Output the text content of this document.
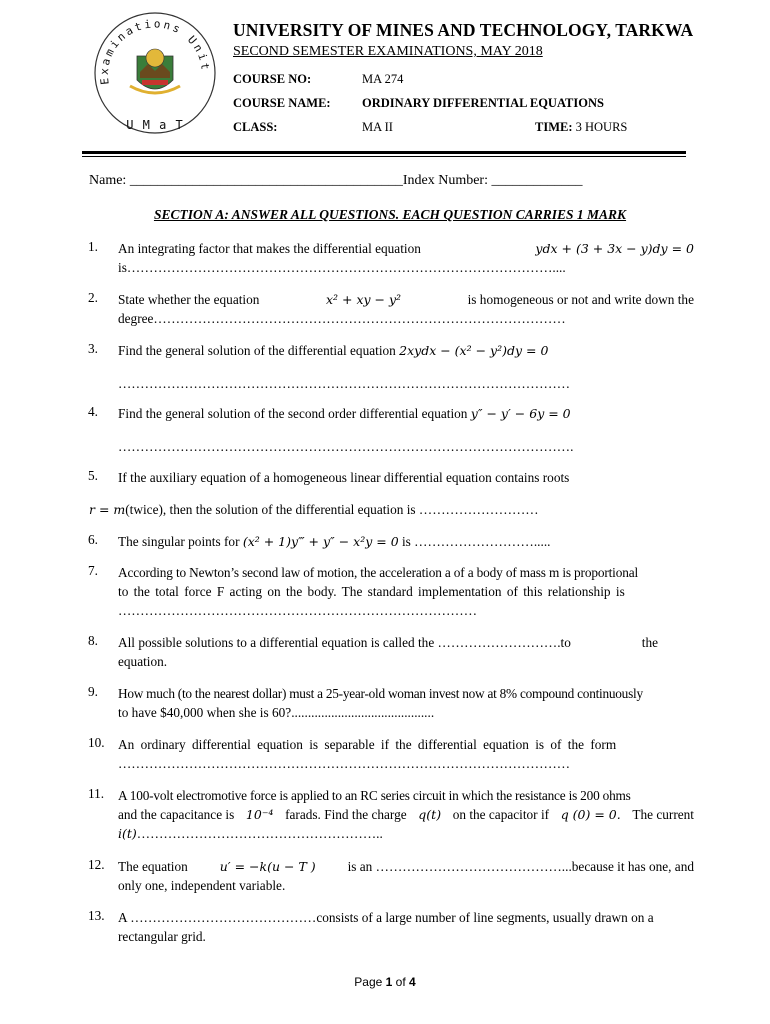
Examinations Unit
U M a T
UNIVERSITY OF MINES AND TECHNOLOGY, TARKWA
SECOND SEMESTER EXAMINATIONS, MAY 2018
COURSE NO:	MA 274
COURSE NAME:	ORDINARY DIFFERENTIAL EQUATIONS
CLASS:	MA II	TIME: 3 HOURS
Name: _______________________________________Index Number: _____________
SECTION A: ANSWER ALL QUESTIONS. EACH QUESTION CARRIES 1 MARK
1. An integrating factor that makes the differential equation	ydx + (3 + 3x − y)dy = 0
is……………………………………………………………………………………....
2. State whether the equation	x² + xy − y²	is homogeneous or not and write down the
degree…………………………………………………………………………………
3. Find the general solution of the differential equation 2xydx − (x² − y²)dy = 0
…………………………………………………………………………………………
4. Find the general solution of the second order differential equation y″ − y′ − 6y = 0
………………………………………………………………………………………….
5. If the auxiliary equation of a homogeneous linear differential equation contains roots
r = m(twice), then the solution of the differential equation is ………………………
6. The singular points for (x² + 1)y‴ + y″ − x²y = 0 is ……………………….....
7. According to Newton’s second law of motion, the acceleration a of a body of mass m is proportional
to the total force F acting on the body. The standard implementation of this relationship is
………………………………………………………………………
8. All possible solutions to a differential equation is called the ……………………….to	the
equation.
9. How much (to the nearest dollar) must a 25-year-old woman invest now at 8% compound continuously
to have $40,000 when she is 60?...........................................
10. An ordinary differential equation is separable if the differential equation is of the form
…………………………………………………………………………………………
11. A 100-volt electromotive force is applied to an RC series circuit in which the resistance is 200 ohms
and the capacitance is 10⁻⁴ farads. Find the charge q(t) on the capacitor if q (0) = 0. The current
i(t)………………………………………………..
12. The equation	u′ = −k(u − T ) is an ……………………………………...because it has one, and
only one, independent variable.
13. A ……………………………………consists of a large number of line segments, usually drawn on a
rectangular grid.
Page 1 of 4
